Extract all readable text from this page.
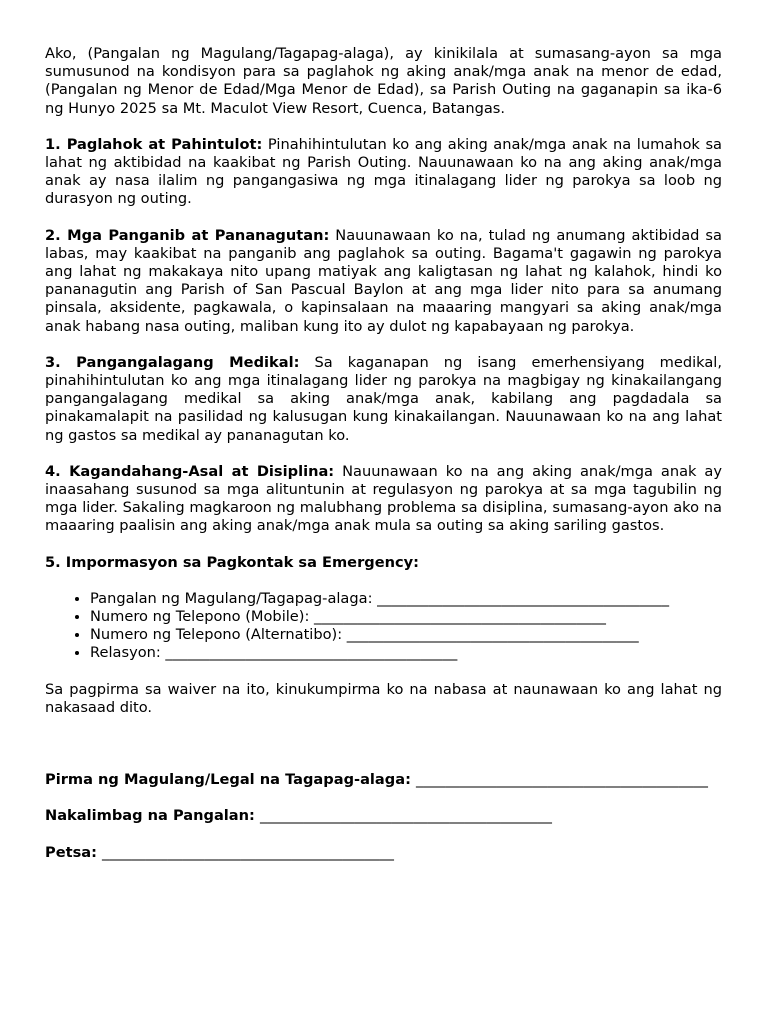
Ako, (Pangalan ng Magulang/Tagapag-alaga), ay kinikilala at sumasang-ayon sa mga sumusunod na kondisyon para sa paglahok ng aking anak/mga anak na menor de edad, (Pangalan ng Menor de Edad/Mga Menor de Edad), sa Parish Outing na gaganapin sa ika-6 ng Hunyo 2025 sa Mt. Maculot View Resort, Cuenca, Batangas.

1. Paglahok at Pahintulot: Pinahihintulutan ko ang aking anak/mga anak na lumahok sa lahat ng aktibidad na kaakibat ng Parish Outing. Nauunawaan ko na ang aking anak/mga anak ay nasa ilalim ng pangangasiwa ng mga itinalagang lider ng parokya sa loob ng durasyon ng outing.

2. Mga Panganib at Pananagutan: Nauunawaan ko na, tulad ng anumang aktibidad sa labas, may kaakibat na panganib ang paglahok sa outing. Bagama't gagawin ng parokya ang lahat ng makakaya nito upang matiyak ang kaligtasan ng lahat ng kalahok, hindi ko pananagutin ang Parish of San Pascual Baylon at ang mga lider nito para sa anumang pinsala, aksidente, pagkawala, o kapinsalaan na maaaring mangyari sa aking anak/mga anak habang nasa outing, maliban kung ito ay dulot ng kapabayaan ng parokya.

3. Pangangalagang Medikal: Sa kaganapan ng isang emerhensiyang medikal, pinahihintulutan ko ang mga itinalagang lider ng parokya na magbigay ng kinakailangang pangangalagang medikal sa aking anak/mga anak, kabilang ang pagdadala sa pinakamalapit na pasilidad ng kalusugan kung kinakailangan. Nauunawaan ko na ang lahat ng gastos sa medikal ay pananagutan ko.

4. Kagandahang-Asal at Disiplina: Nauunawaan ko na ang aking anak/mga anak ay inaasahang susunod sa mga alituntunin at regulasyon ng parokya at sa mga tagubilin ng mga lider. Sakaling magkaroon ng malubhang problema sa disiplina, sumasang-ayon ako na maaaring paalisin ang aking anak/mga anak mula sa outing sa aking sariling gastos.

5. Impormasyon sa Pagkontak sa Emergency:

• Pangalan ng Magulang/Tagapag-alaga: ________________________________________
• Numero ng Telepono (Mobile): ________________________________________
• Numero ng Telepono (Alternatibo): ________________________________________
• Relasyon: ________________________________________

Sa pagpirma sa waiver na ito, kinukumpirma ko na nabasa at naunawaan ko ang lahat ng nakasaad dito.

Pirma ng Magulang/Legal na Tagapag-alaga: ________________________________________

Nakalimbag na Pangalan: ________________________________________

Petsa: ________________________________________
